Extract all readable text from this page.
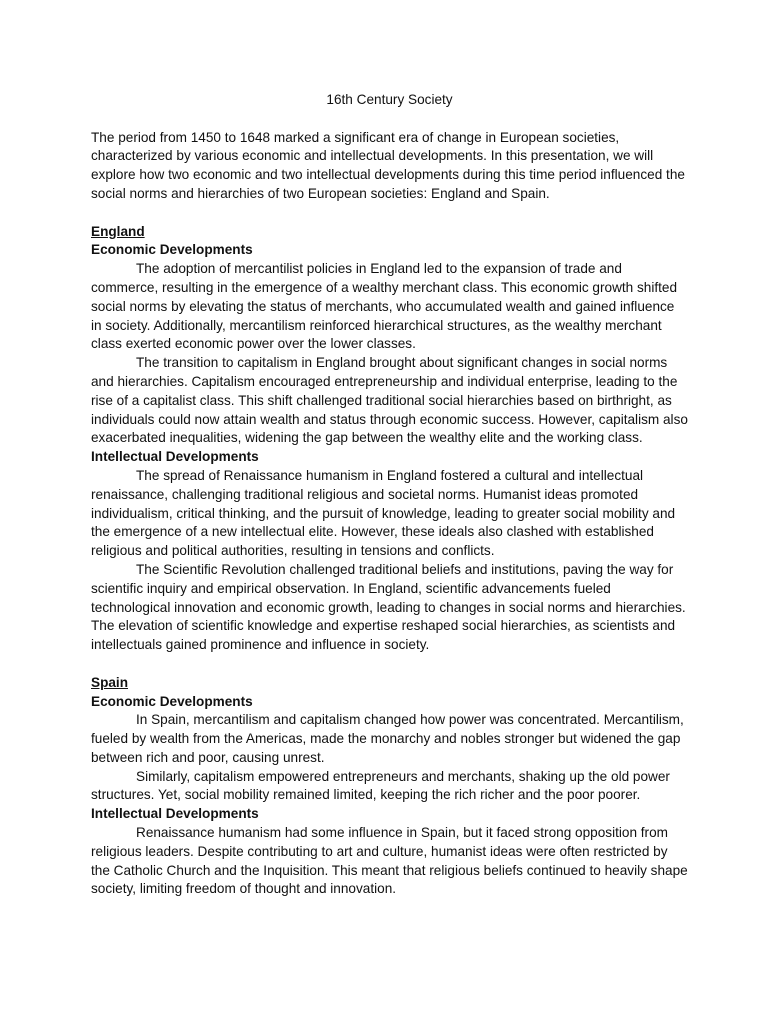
16th Century Society

The period from 1450 to 1648 marked a significant era of change in European societies, characterized by various economic and intellectual developments. In this presentation, we will explore how two economic and two intellectual developments during this time period influenced the social norms and hierarchies of two European societies: England and Spain.

England
Economic Developments

The adoption of mercantilist policies in England led to the expansion of trade and commerce, resulting in the emergence of a wealthy merchant class. This economic growth shifted social norms by elevating the status of merchants, who accumulated wealth and gained influence in society. Additionally, mercantilism reinforced hierarchical structures, as the wealthy merchant class exerted economic power over the lower classes.

The transition to capitalism in England brought about significant changes in social norms and hierarchies. Capitalism encouraged entrepreneurship and individual enterprise, leading to the rise of a capitalist class. This shift challenged traditional social hierarchies based on birthright, as individuals could now attain wealth and status through economic success. However, capitalism also exacerbated inequalities, widening the gap between the wealthy elite and the working class.

Intellectual Developments

The spread of Renaissance humanism in England fostered a cultural and intellectual renaissance, challenging traditional religious and societal norms. Humanist ideas promoted individualism, critical thinking, and the pursuit of knowledge, leading to greater social mobility and the emergence of a new intellectual elite. However, these ideals also clashed with established religious and political authorities, resulting in tensions and conflicts.

The Scientific Revolution challenged traditional beliefs and institutions, paving the way for scientific inquiry and empirical observation. In England, scientific advancements fueled technological innovation and economic growth, leading to changes in social norms and hierarchies. The elevation of scientific knowledge and expertise reshaped social hierarchies, as scientists and intellectuals gained prominence and influence in society.

Spain
Economic Developments

In Spain, mercantilism and capitalism changed how power was concentrated. Mercantilism, fueled by wealth from the Americas, made the monarchy and nobles stronger but widened the gap between rich and poor, causing unrest.

Similarly, capitalism empowered entrepreneurs and merchants, shaking up the old power structures. Yet, social mobility remained limited, keeping the rich richer and the poor poorer.

Intellectual Developments

Renaissance humanism had some influence in Spain, but it faced strong opposition from religious leaders. Despite contributing to art and culture, humanist ideas were often restricted by the Catholic Church and the Inquisition. This meant that religious beliefs continued to heavily shape society, limiting freedom of thought and innovation.
